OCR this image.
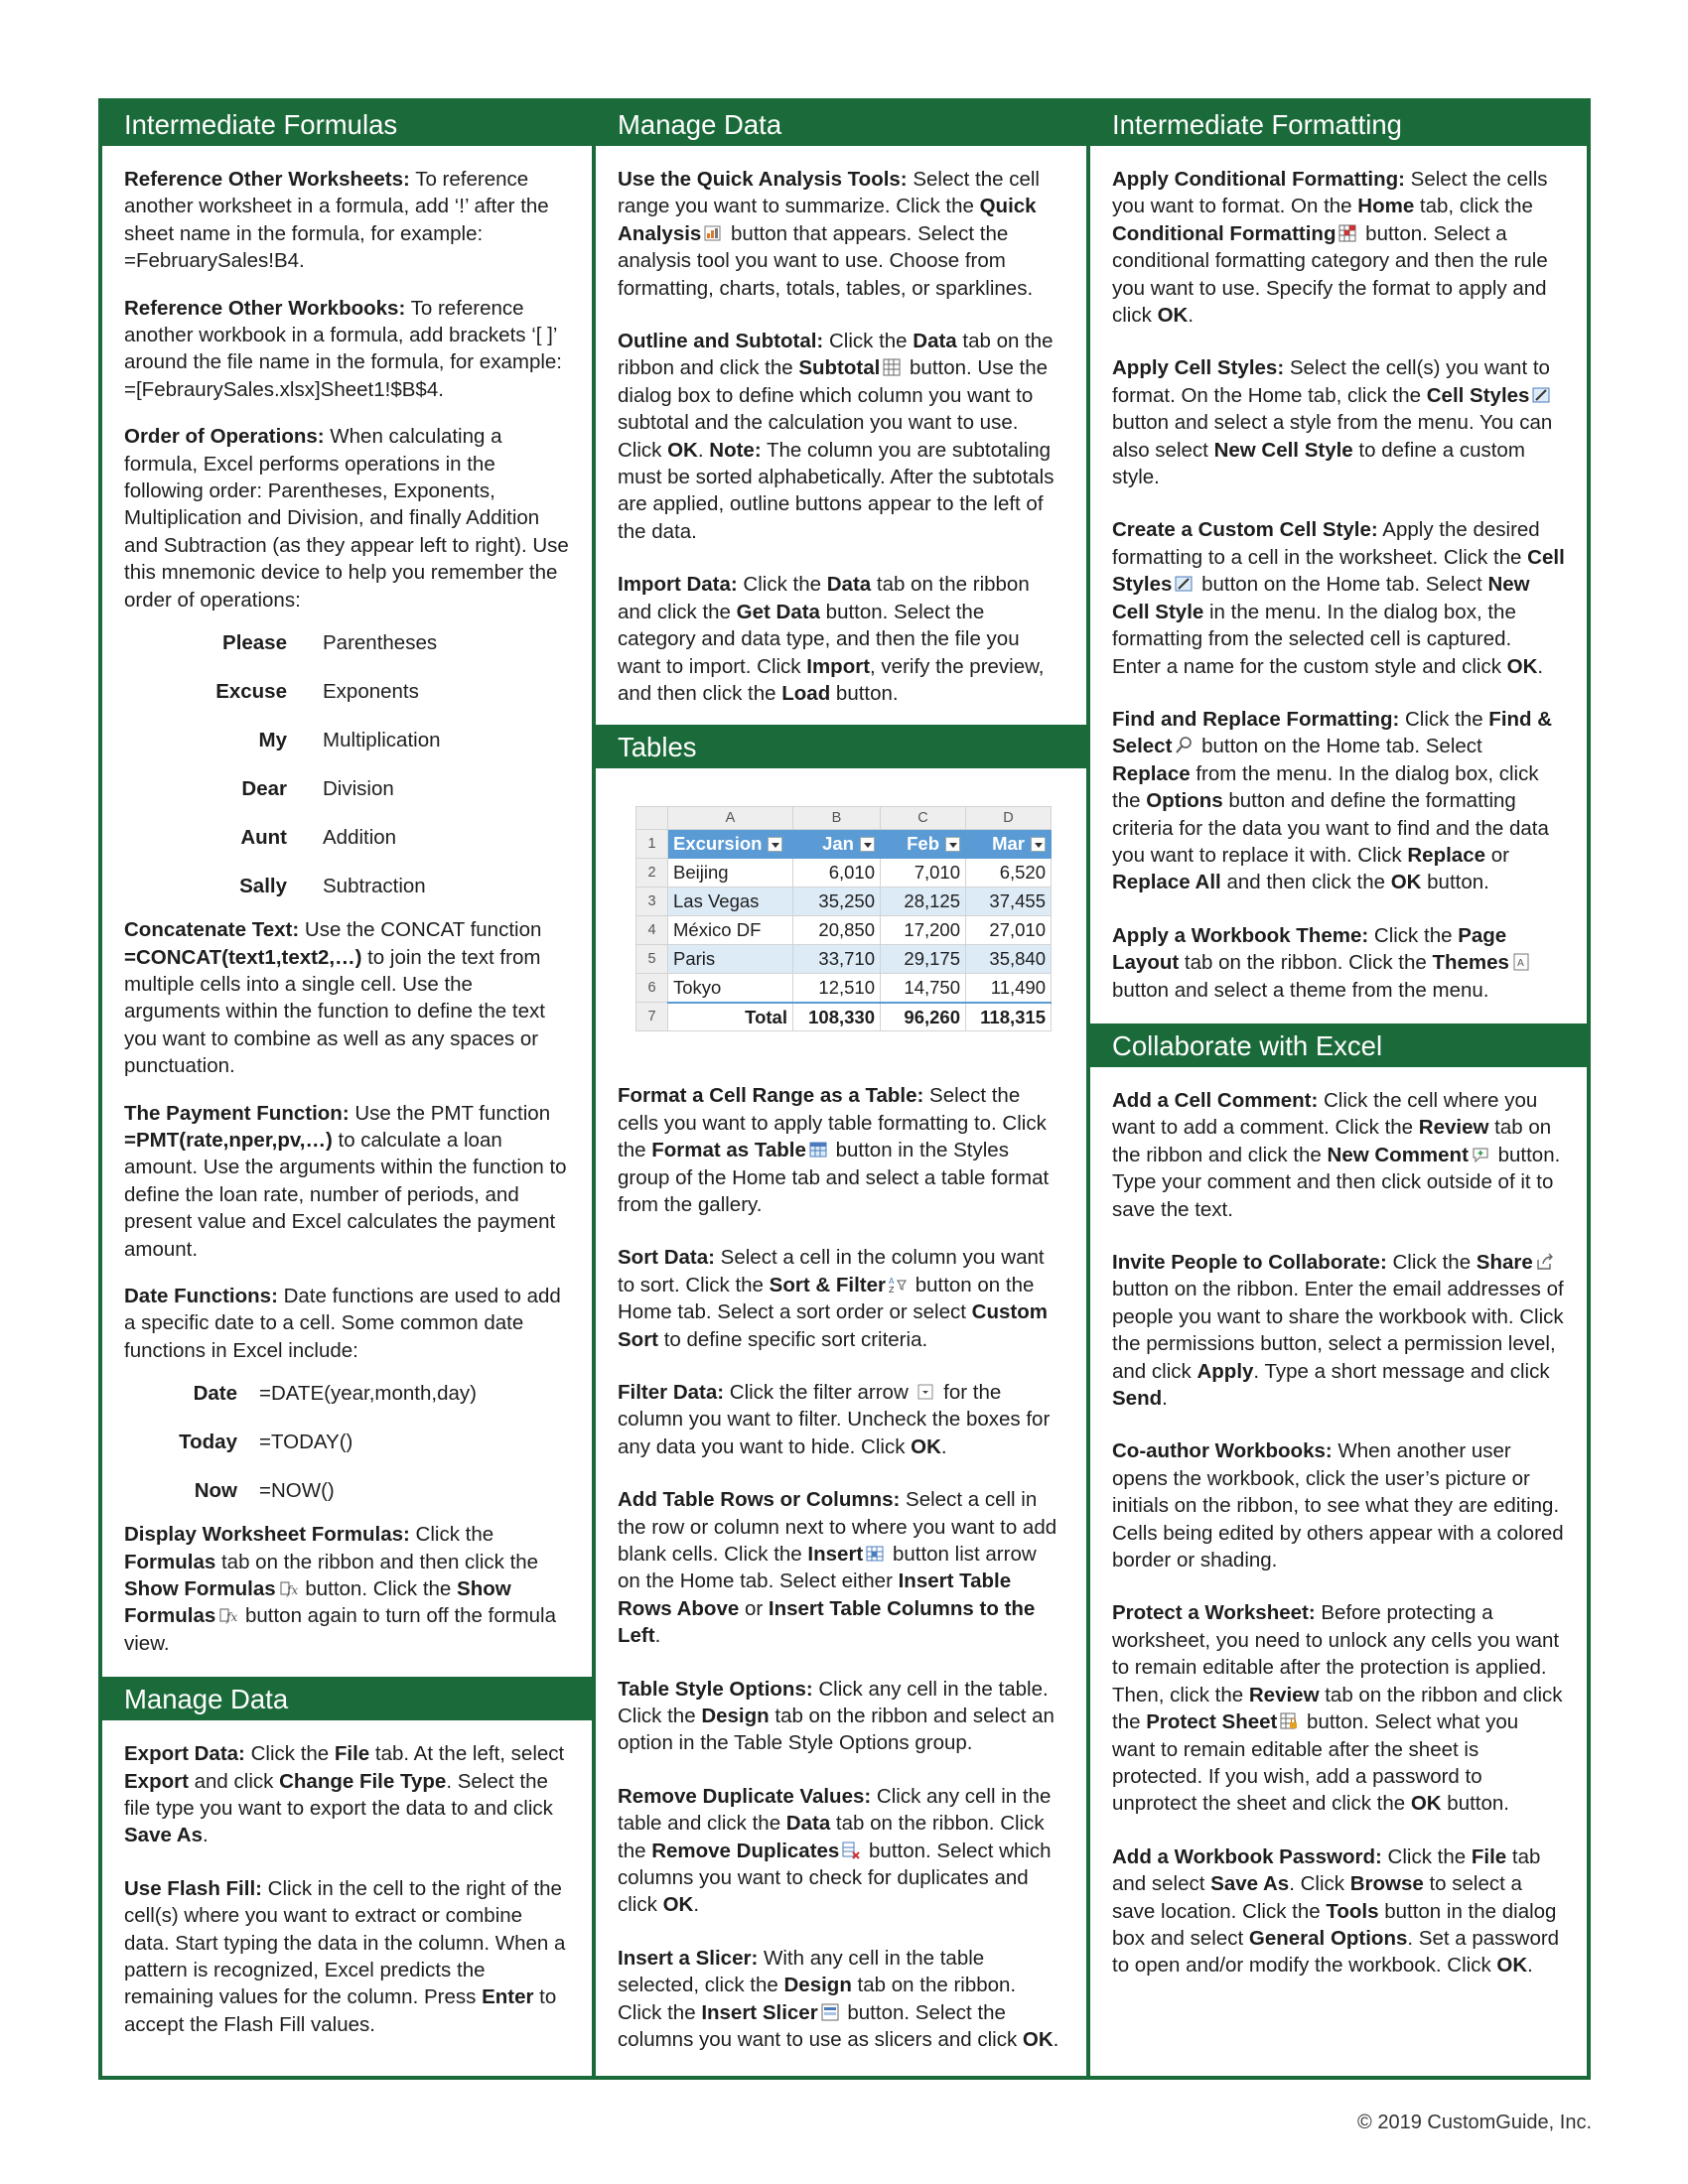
Intermediate Formulas

Reference Other Worksheets: To reference another worksheet in a formula, add ‘!’ after the sheet name in the formula, for example: =FebruarySales!B4.

Reference Other Workbooks: To reference another workbook in a formula, add brackets ‘[ ]’ around the file name in the formula, for example: =[FebraurySales.xlsx]Sheet1!$B$4.

Order of Operations: When calculating a formula, Excel performs operations in the following order: Parentheses, Exponents, Multiplication and Division, and finally Addition and Subtraction (as they appear left to right). Use this mnemonic device to help you remember the order of operations:

Please	Parentheses
Excuse	Exponents
My	Multiplication
Dear	Division
Aunt	Addition
Sally	Subtraction

Concatenate Text: Use the CONCAT function =CONCAT(text1,text2,…) to join the text from multiple cells into a single cell. Use the arguments within the function to define the text you want to combine as well as any spaces or punctuation.

The Payment Function: Use the PMT function =PMT(rate,nper,pv,…) to calculate a loan amount. Use the arguments within the function to define the loan rate, number of periods, and present value and Excel calculates the payment amount.

Date Functions: Date functions are used to add a specific date to a cell. Some common date functions in Excel include:

Date	=DATE(year,month,day)
Today	=TODAY()
Now	=NOW()

Display Worksheet Formulas: Click the Formulas tab on the ribbon and then click the Show Formulas fx button. Click the Show Formulas fx button again to turn off the formula view.

Manage Data

Export Data: Click the File tab. At the left, select Export and click Change File Type. Select the file type you want to export the data to and click Save As.

Use Flash Fill: Click in the cell to the right of the cell(s) where you want to extract or combine data. Start typing the data in the column. When a pattern is recognized, Excel predicts the remaining values for the column. Press Enter to accept the Flash Fill values.

Manage Data

Use the Quick Analysis Tools: Select the cell range you want to summarize. Click the Quick Analysis
button that appears. Select the analysis tool you want to use. Choose from formatting, charts, totals, tables, or sparklines.

Outline and Subtotal: Click the Data tab on the ribbon and click the Subtotal
button. Use the dialog box to define which column you want to subtotal and the calculation you want to use. Click OK. Note: The column you are subtotaling must be sorted alphabetically. After the subtotals are applied, outline buttons appear to the left of the data.

Import Data: Click the Data tab on the ribbon and click the Get Data button. Select the category and data type, and then the file you want to import. Click Import, verify the preview, and then click the Load button.

Tables
	A	B	C	D
1	Excursion	Jan	Feb	Mar
2	Beijing	6,010	7,010	6,520
3	Las Vegas	35,250	28,125	37,455
4	México DF	20,850	17,200	27,010
5	Paris	33,710	29,175	35,840
6	Tokyo	12,510	14,750	11,490
7	Total	108,330	96,260	118,315

Format a Cell Range as a Table: Select the cells you want to apply table formatting to. Click the Format as Table
button in the Styles group of the Home tab and select a table format from the gallery.

Sort Data: Select a cell in the column you want to sort. Click the Sort & Filter A
Z button on the Home tab. Select a sort order or select Custom Sort to define specific sort criteria.

Filter Data: Click the filter arrow
for the column you want to filter. Uncheck the boxes for any data you want to hide. Click OK.

Add Table Rows or Columns: Select a cell in the row or column next to where you want to add blank cells. Click the Insert
button list arrow on the Home tab. Select either Insert Table Rows Above or Insert Table Columns to the Left.

Table Style Options: Click any cell in the table. Click the Design tab on the ribbon and select an option in the Table Style Options group.

Remove Duplicate Values: Click any cell in the table and click the Data tab on the ribbon. Click the Remove Duplicates
button. Select which columns you want to check for duplicates and click OK.

Insert a Slicer: With any cell in the table selected, click the Design tab on the ribbon. Click the Insert Slicer
button. Select the columns you want to use as slicers and click OK.

Intermediate Formatting

Apply Conditional Formatting: Select the cells you want to format. On the Home tab, click the Conditional Formatting
button. Select a conditional formatting category and then the rule you want to use. Specify the format to apply and click OK.

Apply Cell Styles: Select the cell(s) you want to format. On the Home tab, click the Cell Styles
button and select a style from the menu. You can also select New Cell Style to define a custom style.

Create a Custom Cell Style: Apply the desired formatting to a cell in the worksheet. Click the Cell Styles
button on the Home tab. Select New Cell Style in the menu. In the dialog box, the formatting from the selected cell is captured. Enter a name for the custom style and click OK.

Find and Replace Formatting: Click the Find & Select
button on the Home tab. Select Replace from the menu. In the dialog box, click the Options button and define the formatting criteria for the data you want to find and the data you want to replace it with. Click Replace or Replace All and then click the OK button.

Apply a Workbook Theme: Click the Page Layout tab on the ribbon. Click the Themes A
button and select a theme from the menu.

Collaborate with Excel

Add a Cell Comment: Click the cell where you want to add a comment. Click the Review tab on the ribbon and click the New Comment
button. Type your comment and then click outside of it to save the text.

Invite People to Collaborate: Click the Share
button on the ribbon. Enter the email addresses of people you want to share the workbook with. Click the permissions button, select a permission level, and click Apply. Type a short message and click Send.

Co-author Workbooks: When another user opens the workbook, click the user’s picture or initials on the ribbon, to see what they are editing. Cells being edited by others appear with a colored border or shading.

Protect a Worksheet: Before protecting a worksheet, you need to unlock any cells you want to remain editable after the protection is applied. Then, click the Review tab on the ribbon and click the Protect Sheet
button. Select what you want to remain editable after the sheet is protected. If you wish, add a password to unprotect the sheet and click the OK button.

Add a Workbook Password: Click the File tab and select Save As. Click Browse to select a save location. Click the Tools button in the dialog box and select General Options. Set a password to open and/or modify the workbook. Click OK.

© 2019 CustomGuide, Inc.
